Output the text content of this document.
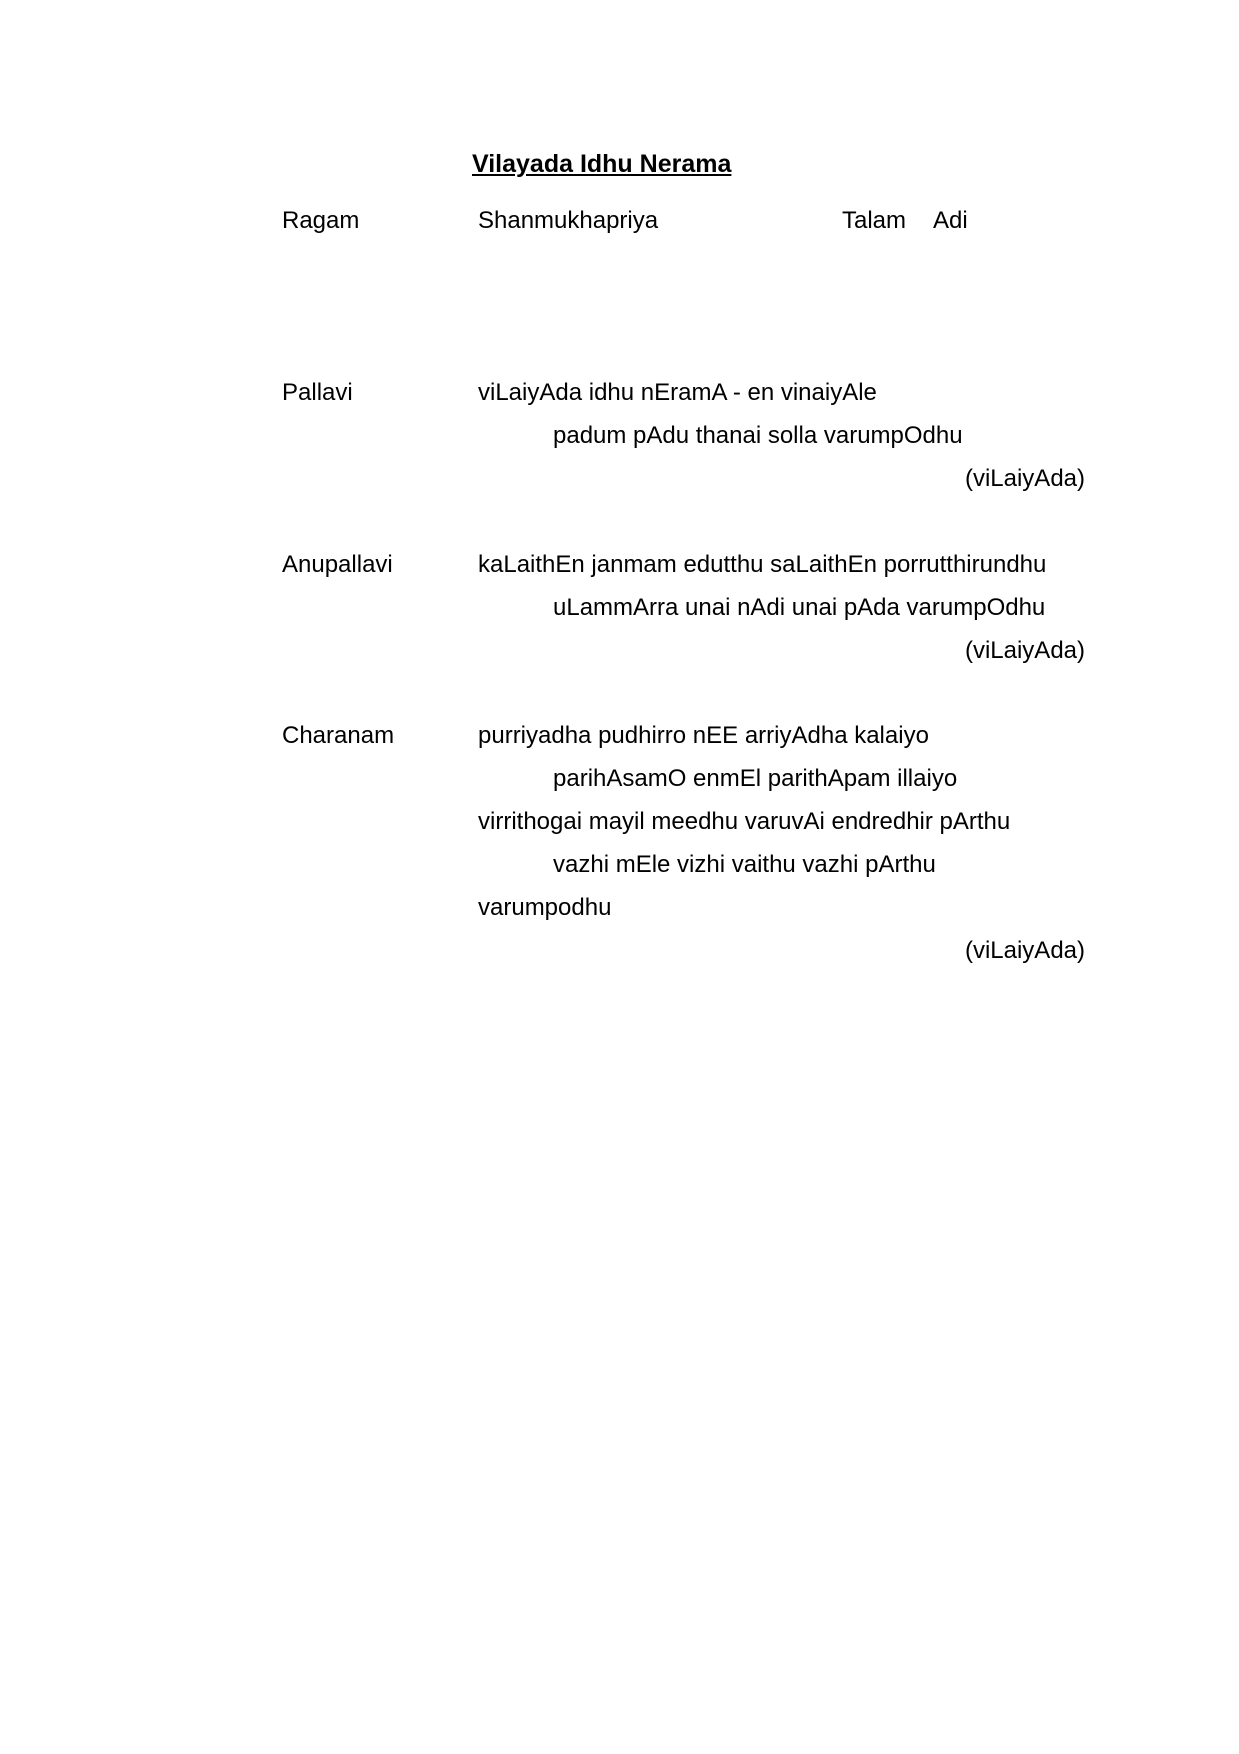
Vilayada Idhu Nerama
Ragam	Shanmukhapriya	Talam Adi
Pallavi	viLaiyAda idhu nEramA - en vinaiyAle
padum pAdu thanai solla varumpOdhu
(viLaiyAda)
Anupallavi	kaLaithEn janmam edutthu saLaithEn porrutthirundhu
uLammArra unai nAdi unai pAda varumpOdhu
(viLaiyAda)
Charanam	purriyadha pudhirro nEE arriyAdha kalaiyo
parihAsamO enmEl parithApam illaiyo
virrithogai mayil meedhu varuvAi endredhir pArthu
vazhi mEle vizhi vaithu vazhi pArthu
varumpodhu
(viLaiyAda)
